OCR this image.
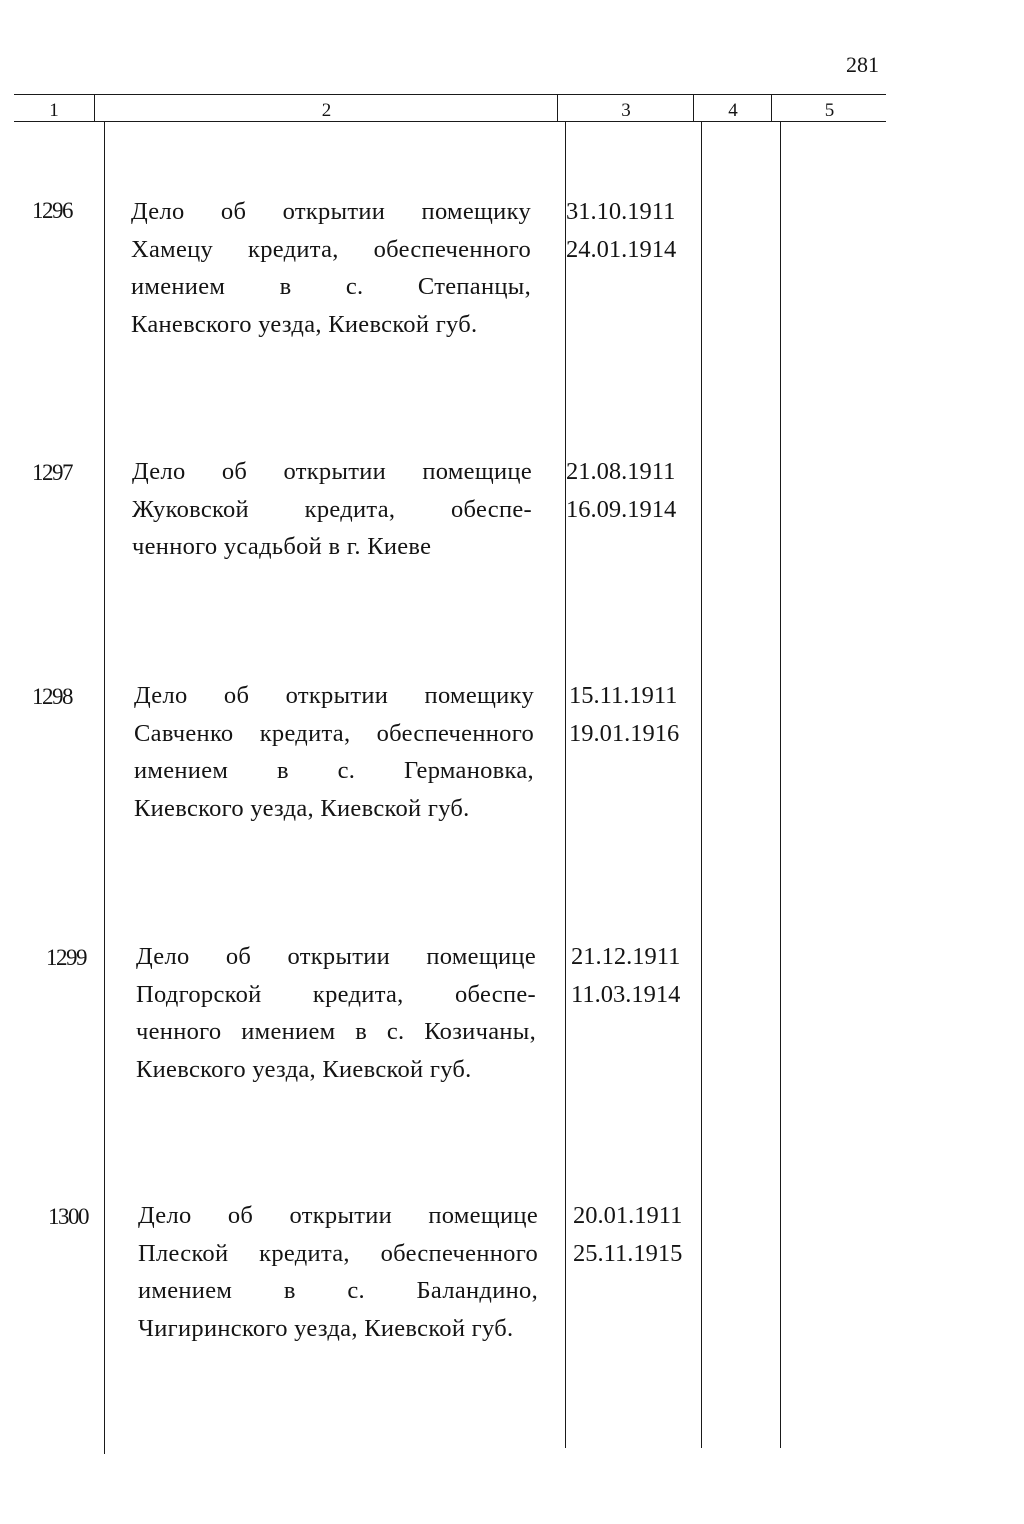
281
1	2	3	4	5
1296	Дело об открытии помещику
Хамецу кредита, обеспеченного
имением в с. Степанцы,
Каневского уезда, Киевской губ.
31.10.1911
24.01.1914
1297	Дело об открытии помещице
Жуковской кредита, обеспе-
ченного усадьбой в г. Киеве
21.08.1911
16.09.1914
1298	Дело об открытии помещику
Савченко кредита, обеспеченного
имением в с. Германовка,
Киевского уезда, Киевской губ.
15.11.1911
19.01.1916
1299	Дело об открытии помещице
Подгорской кредита, обеспе-
ченного имением в с. Козичаны,
Киевского уезда, Киевской губ.
21.12.1911
11.03.1914
1300	Дело об открытии помещице
Плеской кредита, обеспеченного
имением в с. Баландино,
Чигиринского уезда, Киевской губ.
20.01.1911
25.11.1915
